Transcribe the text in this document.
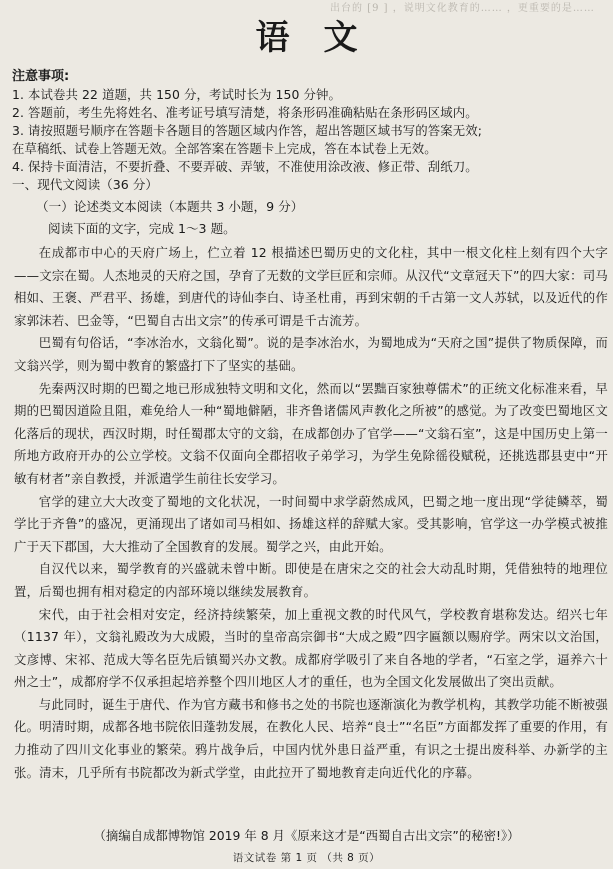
出台的 [9 ] ，说明文化教育的…… ，更重要的是……
语文
注意事项:
1. 本试卷共 22 道题，共 150 分，考试时长为 150 分钟。
2. 答题前，考生先将姓名、准考证号填写清楚，将条形码准确粘贴在条形码区域内。
3. 请按照题号顺序在答题卡各题目的答题区域内作答，超出答题区域书写的答案无效;
在草稿纸、试卷上答题无效。全部答案在答题卡上完成，答在本试卷上无效。
4. 保持卡面清洁，不要折叠、不要弄破、弄皱，不准使用涂改液、修正带、刮纸刀。
一、现代文阅读（36 分）
（一）论述类文本阅读（本题共 3 小题，9 分）
阅读下面的文字，完成 1～3 题。

在成都市中心的天府广场上，伫立着 12 根描述巴蜀历史的文化柱，其中一根文化柱上刻有四个大字——文宗在蜀。人杰地灵的天府之国，孕育了无数的文学巨匠和宗师。从汉代“文章冠天下”的四大家：司马相如、王褒、严君平、扬雄，到唐代的诗仙李白、诗圣杜甫，再到宋朝的千古第一文人苏轼，以及近代的作家郭沫若、巴金等，“巴蜀自古出文宗”的传承可谓是千古流芳。

巴蜀有句俗话，“李冰治水，文翁化蜀”。说的是李冰治水，为蜀地成为“天府之国”提供了物质保障，而文翁兴学，则为蜀中教育的繁盛打下了坚实的基础。

先秦两汉时期的巴蜀之地已形成独特文明和文化，然而以“罢黜百家独尊儒术”的正统文化标准来看，早期的巴蜀因道险且阻，难免给人一种“蜀地僻陋，非齐鲁诸儒风声教化之所被”的感觉。为了改变巴蜀地区文化落后的现状，西汉时期，时任蜀郡太守的文翁，在成都创办了官学——“文翁石室”，这是中国历史上第一所地方政府开办的公立学校。文翁不仅面向全郡招收子弟学习，为学生免除徭役赋税，还挑选郡县吏中“开敏有材者”亲自教授，并派遣学生前往长安学习。

官学的建立大大改变了蜀地的文化状况，一时间蜀中求学蔚然成风，巴蜀之地一度出现“学徒鳞萃，蜀学比于齐鲁”的盛况，更涌现出了诸如司马相如、扬雄这样的辞赋大家。受其影响，官学这一办学模式被推广于天下郡国，大大推动了全国教育的发展。蜀学之兴，由此开始。

自汉代以来，蜀学教育的兴盛就未曾中断。即使是在唐宋之交的社会大动乱时期，凭借独特的地理位置，后蜀也拥有相对稳定的内部环境以继续发展教育。

宋代，由于社会相对安定，经济持续繁荣，加上重视文教的时代风气，学校教育堪称发达。绍兴七年（1137 年），文翁礼殿改为大成殿，当时的皇帝高宗御书“大成之殿”四字匾额以赐府学。两宋以文治国，文彦博、宋祁、范成大等名臣先后镇蜀兴办文教。成都府学吸引了来自各地的学者，“石室之学，逼养六十州之士”，成都府学不仅承担起培养整个四川地区人才的重任，也为全国文化发展做出了突出贡献。

与此同时，诞生于唐代、作为官方藏书和修书之处的书院也逐渐演化为教学机构，其教学功能不断被强化。明清时期，成都各地书院依旧蓬勃发展，在教化人民、培养“良士”“名臣”方面都发挥了重要的作用，有力推动了四川文化事业的繁荣。鸦片战争后，中国内忧外患日益严重，有识之士提出废科举、办新学的主张。清末，几乎所有书院都改为新式学堂，由此拉开了蜀地教育走向近代化的序幕。

（摘编自成都博物馆 2019 年 8 月《原来这才是“西蜀自古出文宗”的秘密!》）
语文试卷 第 1 页 （共 8 页）
